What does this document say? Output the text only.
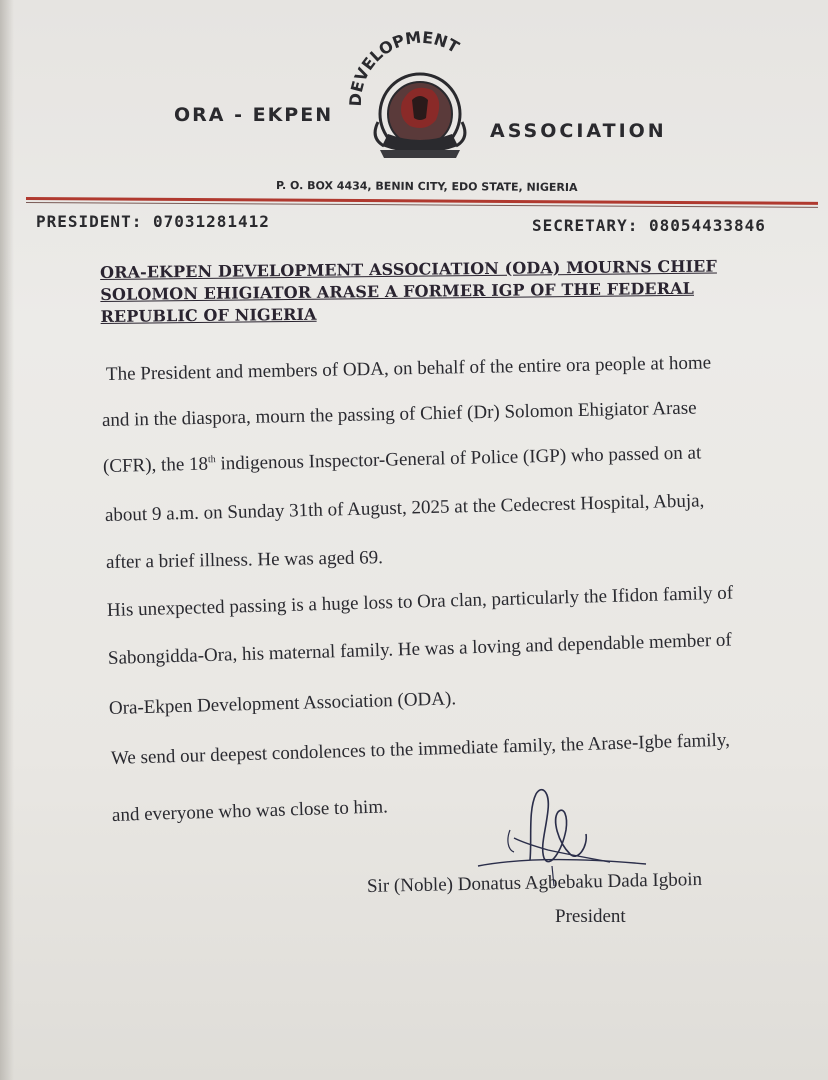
ORA - EKPEN
DEVELOPMENT
ASSOCIATION
P. O. BOX 4434, BENIN CITY, EDO STATE, NIGERIA
PRESIDENT: 07031281412	SECRETARY: 08054433846
ORA-EKPEN DEVELOPMENT ASSOCIATION (ODA) MOURNS CHIEF
SOLOMON EHIGIATOR ARASE A FORMER IGP OF THE FEDERAL
REPUBLIC OF NIGERIA
The President and members of ODA, on behalf of the entire ora people at home
and in the diaspora, mourn the passing of Chief (Dr) Solomon Ehigiator Arase
(CFR), the 18th indigenous Inspector-General of Police (IGP) who passed on at
about 9 a.m. on Sunday 31th of August, 2025 at the Cedecrest Hospital, Abuja,
after a brief illness. He was aged 69.
His unexpected passing is a huge loss to Ora clan, particularly the Ifidon family of
Sabongidda-Ora, his maternal family. He was a loving and dependable member of
Ora-Ekpen Development Association (ODA).
We send our deepest condolences to the immediate family, the Arase-Igbe family,
and everyone who was close to him.
Sir (Noble) Donatus Agbebaku Dada Igboin
President
